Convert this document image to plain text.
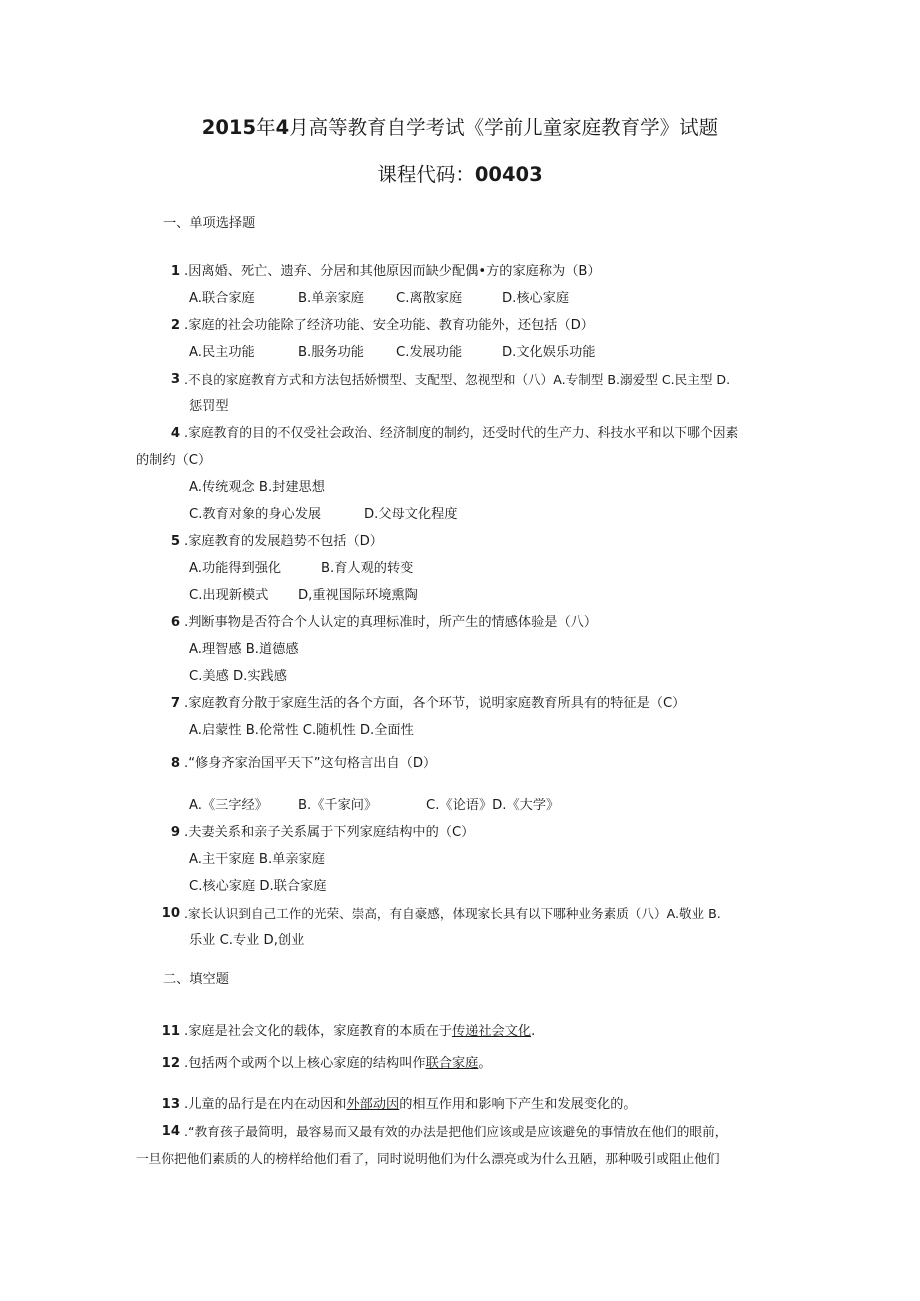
2015年4月高等教育自学考试《学前儿童家庭教育学》试题
课程代码：00403
一、单项选择题
1 .因离婚、死亡、遗弃、分居和其他原因而缺少配偶•方的家庭称为（B）
A.联合家庭	B.单亲家庭 C.离散家庭	D.核心家庭
2 .家庭的社会功能除了经济功能、安全功能、教育功能外，还包括（D）
A.民主功能	B.服务功能 C.发展功能	D.文化娱乐功能
3 .不良的家庭教育方式和方法包括娇惯型、支配型、忽视型和（八）A.专制型 B.溺爱型 C.民主型 D.
惩罚型
4 .家庭教育的目的不仅受社会政治、经济制度的制约，还受时代的生产力、科技水平和以下哪个因素
的制约（C）
A.传统观念 B.封建思想
C.教育对象的身心发展	D.父母文化程度
5 .家庭教育的发展趋势不包括（D）
A.功能得到强化	B.育人观的转变
C.出现新模式 D,重视国际环境熏陶
6 .判断事物是否符合个人认定的真理标准时，所产生的情感体验是（八）
A.理智感 B.道德感
C.美感 D.实践感
7 .家庭教育分散于家庭生活的各个方面，各个环节，说明家庭教育所具有的特征是（C）
A.启蒙性 B.伦常性 C.随机性 D.全面性
8 .“修身齐家治国平天下”这句格言出自（D）
A.《三字经》 B.《千家问》	C.《论语》D.《大学》
9 .夫妻关系和亲子关系属于下列家庭结构中的（C）
A.主干家庭 B.单亲家庭
C.核心家庭 D.联合家庭
10 .家长认识到自己工作的光荣、崇高，有自豪感，体现家长具有以下哪种业务素质（八）A.敬业 B.
乐业 C.专业 D,创业
二、填空题
11 .家庭是社会文化的载体，家庭教育的本质在于传递社会文化.
12 .包括两个或两个以上核心家庭的结构叫作联合家庭。
13 .儿童的品行是在内在动因和外部动因的相互作用和影响下产生和发展变化的。
14 .“教育孩子最简明，最容易而又最有效的办法是把他们应该或是应该避免的事情放在他们的眼前，
一旦你把他们素质的人的榜样给他们看了，同时说明他们为什么漂亮或为什么丑陋，那种吸引或阻止他们
